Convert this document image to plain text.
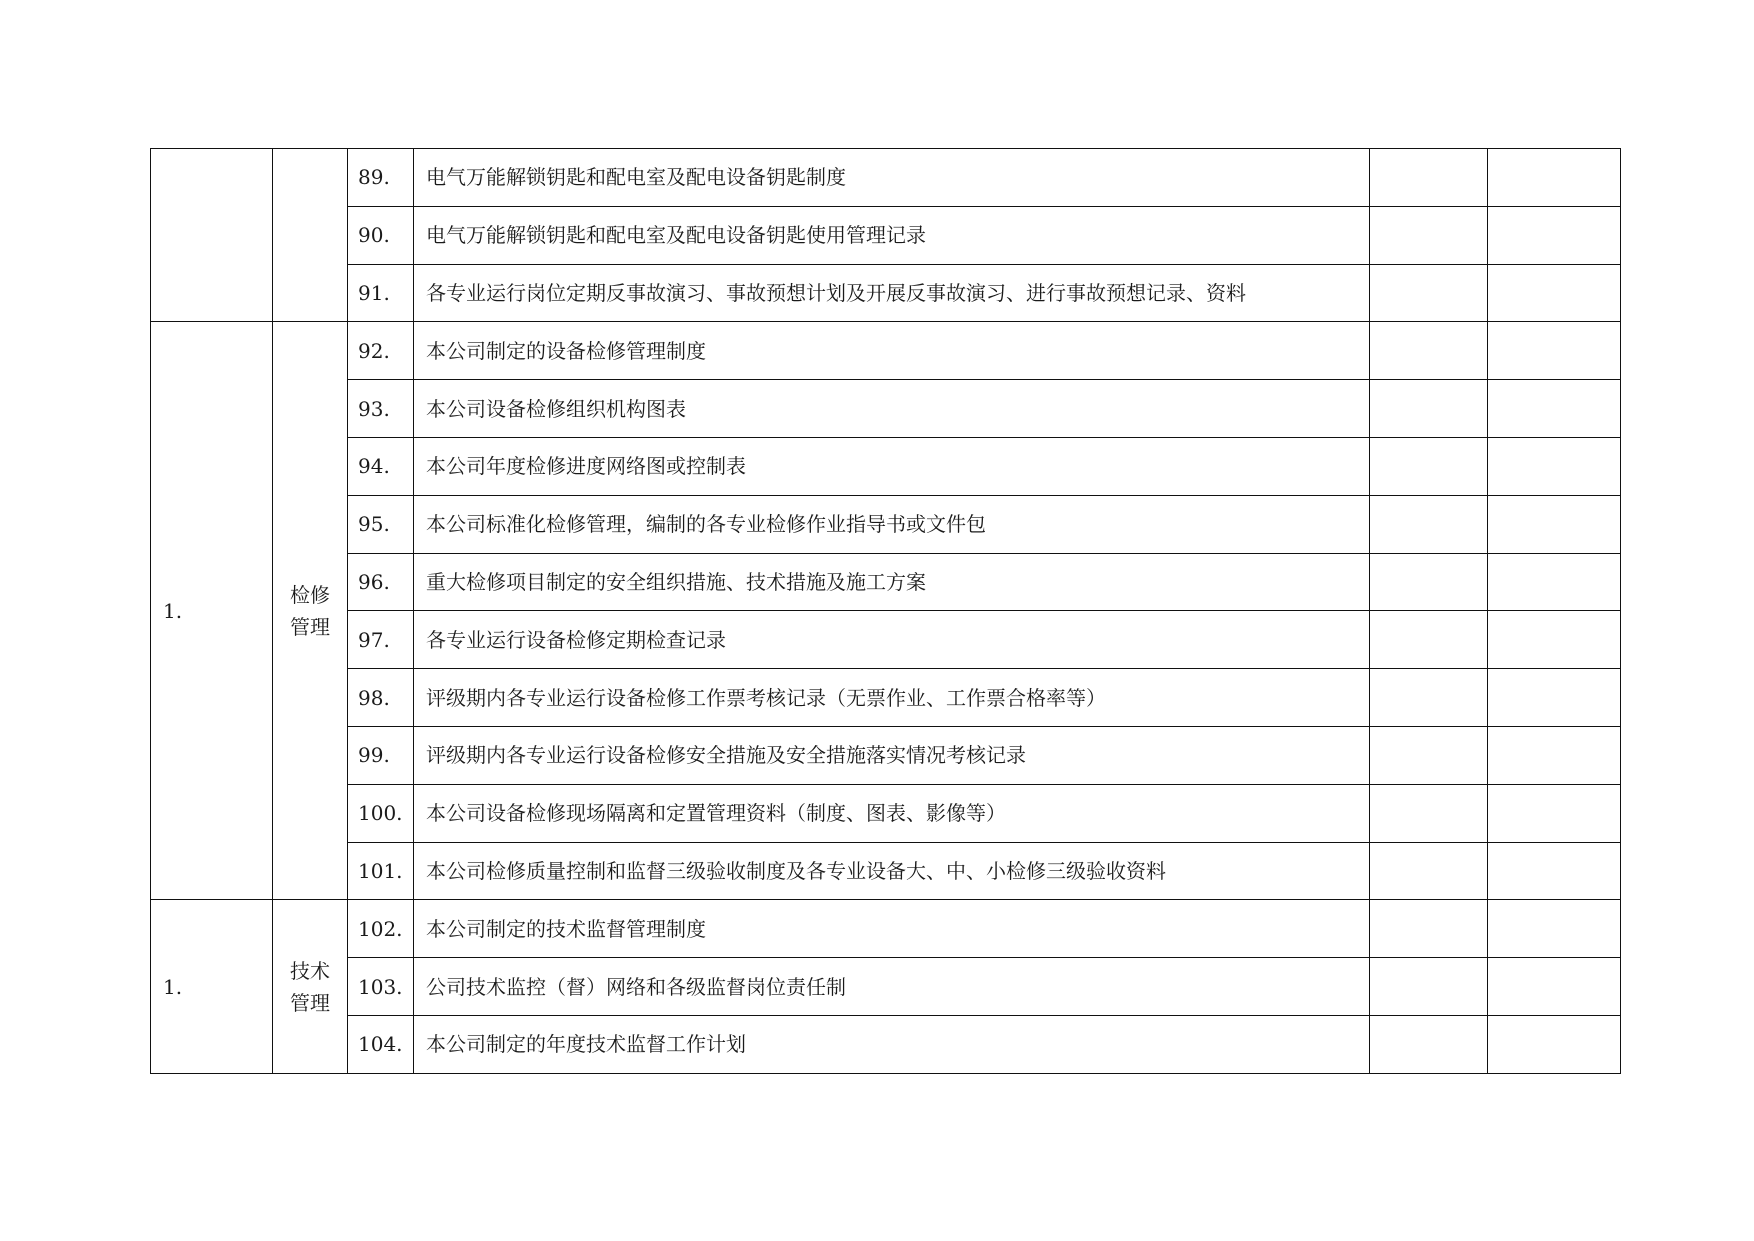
		89.	电气万能解锁钥匙和配电室及配电设备钥匙制度		
		90.	电气万能解锁钥匙和配电室及配电设备钥匙使用管理记录		
		91.	各专业运行岗位定期反事故演习、事故预想计划及开展反事故演习、进行事故预想记录、资料		
1.	检修管理	92.	本公司制定的设备检修管理制度		
		93.	本公司设备检修组织机构图表		
		94.	本公司年度检修进度网络图或控制表		
		95.	本公司标准化检修管理，编制的各专业检修作业指导书或文件包		
		96.	重大检修项目制定的安全组织措施、技术措施及施工方案		
		97.	各专业运行设备检修定期检查记录		
		98.	评级期内各专业运行设备检修工作票考核记录（无票作业、工作票合格率等）		
		99.	评级期内各专业运行设备检修安全措施及安全措施落实情况考核记录		
		100.	本公司设备检修现场隔离和定置管理资料（制度、图表、影像等）		
		101.	本公司检修质量控制和监督三级验收制度及各专业设备大、中、小检修三级验收资料		
1.	技术管理	102.	本公司制定的技术监督管理制度		
		103.	公司技术监控（督）网络和各级监督岗位责任制		
		104.	本公司制定的年度技术监督工作计划		
